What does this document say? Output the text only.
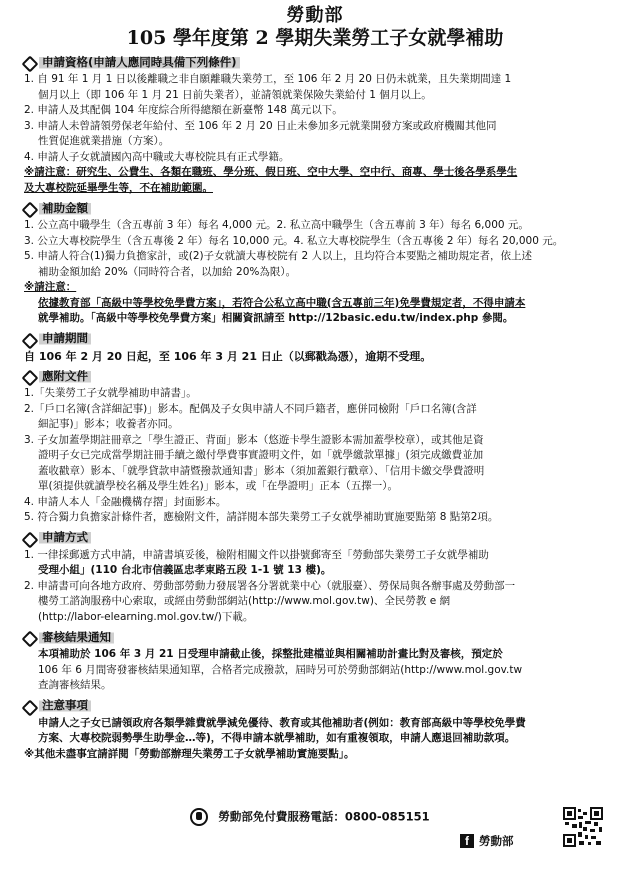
勞動部
105 學年度第 2 學期失業勞工子女就學補助
申請資格(申請人應同時具備下列條件)
1. 自 91 年 1 月 1 日以後離職之非自願離職失業勞工，至 106 年 2 月 20 日仍未就業，且失業期間達 1
個月以上（即 106 年 1 月 21 日前失業者），並請領就業保險失業給付 1 個月以上。
2. 申請人及其配偶 104 年度綜合所得總額在新臺幣 148 萬元以下。
3. 申請人未曾請領勞保老年給付、至 106 年 2 月 20 日止未參加多元就業開發方案或政府機關其他同
性質促進就業措施（方案）。
4. 申請人子女就讀國內高中職或大專校院具有正式學籍。
※請注意：研究生、公費生、各類在職班、學分班、假日班、空中大學、空中行、商專、學士後各學系學生
及大專校院延畢學生等，不在補助範圍。
補助金額
1. 公立高中職學生（含五專前 3 年）每名 4,000 元。2. 私立高中職學生（含五專前 3 年）每名 6,000 元。
3. 公立大專校院學生（含五專後 2 年）每名 10,000 元。4. 私立大專校院學生（含五專後 2 年）每名 20,000 元。
5. 申請人符合(1)獨力負擔家計，或(2)子女就讀大專校院有 2 人以上，且均符合本要點之補助規定者，依上述
補助金額加給 20%（同時符合者，以加給 20%為限）。
※請注意：
依據教育部「高級中等學校免學費方案」，若符合公私立高中職(含五專前三年)免學費規定者，不得申請本
就學補助。「高級中等學校免學費方案」相關資訊請至 http://12basic.edu.tw/index.php 參閱。
申請期間
自 106 年 2 月 20 日起，至 106 年 3 月 21 日止（以郵戳為憑），逾期不受理。
應附文件
1.「失業勞工子女就學補助申請書」。
2.「戶口名簿(含詳細記事)」影本。配偶及子女與申請人不同戶籍者，應併同檢附「戶口名簿(含詳
細記事)」影本；收養者亦同。
3. 子女加蓋學期註冊章之「學生證正、背面」影本（悠遊卡學生證影本需加蓋學校章），或其他足資
證明子女已完成當學期註冊手續之繳付學費事實證明文件，如「就學繳款單據」(須完成繳費並加
蓋收戳章）影本、「就學貸款申請暨撥款通知書」影本（須加蓋銀行戳章）、「信用卡繳交學費證明
單(須提供就讀學校名稱及學生姓名)」影本，或「在學證明」正本（五擇一）。
4. 申請人本人「金融機構存摺」封面影本。
5. 符合獨力負擔家計條件者，應檢附文件，請詳閱本部失業勞工子女就學補助實施要點第 8 點第2項。
申請方式
1. 一律採郵遞方式申請，申請書填妥後，檢附相關文件以掛號郵寄至「勞動部失業勞工子女就學補助
受理小組」(110 台北市信義區忠孝東路五段 1-1 號 13 樓)。
2. 申請書可向各地方政府、勞動部勞動力發展署各分署就業中心（就服臺）、勞保局與各辦事處及勞動部一
樓勞工諮詢服務中心索取，或經由勞動部網站(http://www.mol.gov.tw)、全民勞教 e 網
(http://labor-elearning.mol.gov.tw/)下載。
審核結果通知
本項補助於 106 年 3 月 21 日受理申請截止後，採整批建檔並與相關補助計畫比對及審核，預定於
106 年 6 月間寄發審核結果通知單，合格者完成撥款，屆時另可於勞動部網站(http://www.mol.gov.tw
查詢審核結果。
注意事項
申請人之子女已請領政府各類學雜費就學減免優待、教育或其他補助者(例如：教育部高級中等學校免學費
方案、大專校院弱勢學生助學金…等)，不得申請本就學補助，如有重複領取，申請人應退回補助款項。
※其他未盡事宜請詳閱「勞動部辦理失業勞工子女就學補助實施要點」。
勞動部免付費服務電話：0800-085151
f 勞動部
